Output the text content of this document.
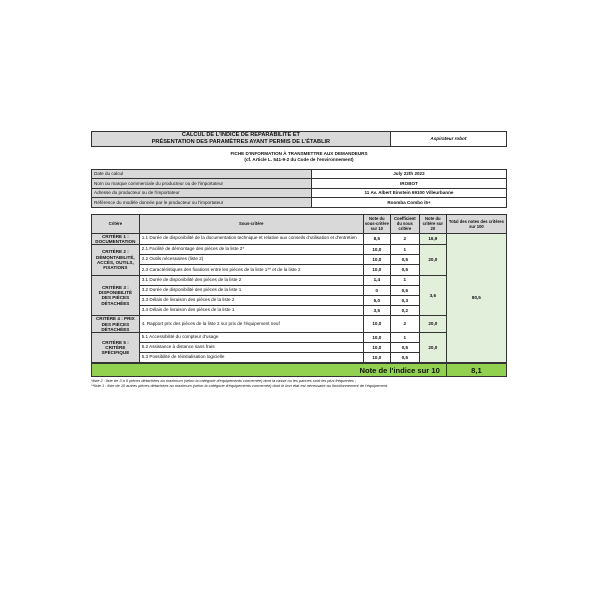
CALCUL DE L'INDICE DE RÉPARABILITÉ ET
PRÉSENTATION DES PARAMÈTRES AYANT PERMIS DE L'ÉTABLIR	Aspirateur robot
FICHE D'INFORMATION À TRANSMETTRE AUX DEMANDEURS
(cf. Article L. 541-9-2 du Code de l'environnement)
Date du calcul	July 22th 2022
Nom ou marque commerciale du producteur ou de l'importateur	IROBOT
Adresse du producteur ou de l'importateur	11 Av. Albert Einstein 69100 Villeurbanne
Référence du modèle donnée par le producteur ou l'importateur	Roomba Combo i5+
Critère	Sous-critère	Note du sous-critère sur 10	Coefficient du sous critère	Note du critère sur 20	Total des notes des critères sur 100
CRITÈRE 1 : DOCUMENTATION	1.1 Durée de disponibilité de la documentation technique et relative aux conseils d'utilisation et d'entretien	8,5	2	16,9	80,5
CRITÈRE 2 : DÉMONTABILITÉ, ACCÈS, OUTILS, FIXATIONS	2.1 Facilité de démontage des pièces de la liste 2*	10,0	1	20,0	
	2.2 Outils nécessaires (liste 2)	10,0	0,5		
	2.3 Caractéristiques des fixations entre les pièces de la liste 1** et de la liste 2	10,0	0,5		
CRITÈRE 3 : DISPONIBILITÉ DES PIÈCES DÉTACHÉES	3.1 Durée de disponibilité des pièces de la liste 2	1,4	1	3,6	
	3.2 Durée de disponibilité des pièces de la liste 1	0	0,5		
	3.3 Délais de livraison des pièces de la liste 2	5,0	0,3		
	3.4 Délais de livraison des pièces de la liste 1	3,5	0,2		
CRITÈRE 4 : PRIX DES PIÈCES DÉTACHÉES	4. Rapport prix des pièces de la liste 2 sur prix de l'équipement neuf	10,0	2	20,0	
CRITÈRE 5 : CRITÈRE SPÉCIFIQUE	5.1 Accessibilité du compteur d'usage	10,0	1	20,0	
	5.2 Assistance à distance sans frais	10,0	0,5		
	5.3 Possibilité de réinitialisation logicielle	10,0	0,5		
Note de l'indice sur 10	8,1
*liste 2 : liste de 3 à 5 pièces détachées au maximum (selon la catégorie d'équipements concernée) dont la casse ou les pannes sont les plus fréquentes ;
**liste 1 : liste de 10 autres pièces détachées au maximum (selon la catégorie d'équipements concernée) dont le bon état est nécessaire au fonctionnement de l'équipement.
